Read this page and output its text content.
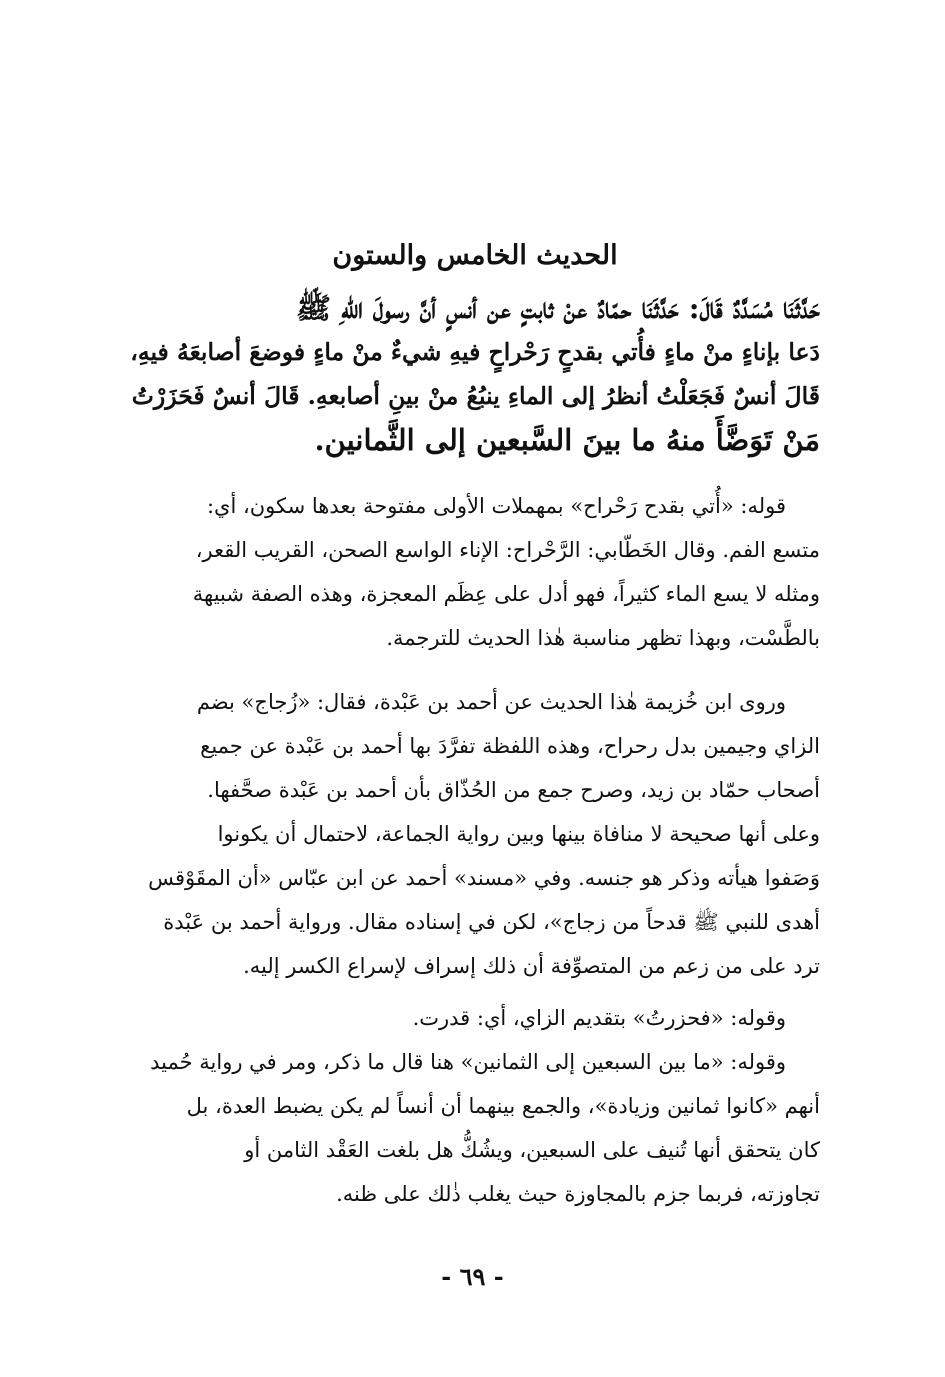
الحديث الخامس والستون

حَدَّثَنَا مُسَدَّدٌ قَالَ: حَدَّثَنَا حمّادٌ عنْ ثابتٍ عن أنسٍ أنَّ رسولَ اللهِ ﷺ

دَعا بإناءٍ منْ ماءٍ فأُتي بقدحٍ رَحْراحٍ فيهِ شيءٌ منْ ماءٍ فوضعَ أصابعَهُ فيهِ،

قَالَ أنسٌ فَجَعَلْتُ أنظرُ إلى الماءِ ينبُعُ منْ بينِ أصابعهِ. قَالَ أنسٌ فَحَزَرْتُ

مَنْ تَوَضَّأَ منهُ ما بينَ السَّبعين إلى الثَّمانين.

قوله: «أُتي بقدح رَحْراح» بمهملات الأولى مفتوحة بعدها سكون، أي:
متسع الفم. وقال الخَطّابي: الرَّحْراح: الإناء الواسع الصحن، القريب القعر،
ومثله لا يسع الماء كثيراً، فهو أدل على عِظَم المعجزة، وهذه الصفة شبيهة
بالطَّسْت، وبهذا تظهر مناسبة هٰذا الحديث للترجمة.
وروى ابن خُزيمة هٰذا الحديث عن أحمد بن عَبْدة، فقال: «زُجاج» بضم
الزاي وجيمين بدل رحراح، وهذه اللفظة تفرَّدَ بها أحمد بن عَبْدة عن جميع
أصحاب حمّاد بن زيد، وصرح جمع من الحُذّاق بأن أحمد بن عَبْدة صحَّفها.
وعلى أنها صحيحة لا منافاة بينها وبين رواية الجماعة، لاحتمال أن يكونوا
وَصَفوا هيأته وذكر هو جنسه. وفي «مسند» أحمد عن ابن عبّاس «أن المقَوْقس
أهدى للنبي ﷺ قدحاً من زجاج»، لكن في إسناده مقال. ورواية أحمد بن عَبْدة
ترد على من زعم من المتصوِّفة أن ذلك إسراف لإسراع الكسر إليه.
وقوله: «فحزرتُ» بتقديم الزاي، أي: قدرت.
وقوله: «ما بين السبعين إلى الثمانين» هنا قال ما ذكر، ومر في رواية حُميد
أنهم «كانوا ثمانين وزيادة»، والجمع بينهما أن أنساً لم يكن يضبط العدة، بل
كان يتحقق أنها تُنيف على السبعين، ويشُكُّ هل بلغت العَقْد الثامن أو
تجاوزته، فربما جزم بالمجاوزة حيث يغلب ذٰلك على ظنه.
- ٦٩ -
